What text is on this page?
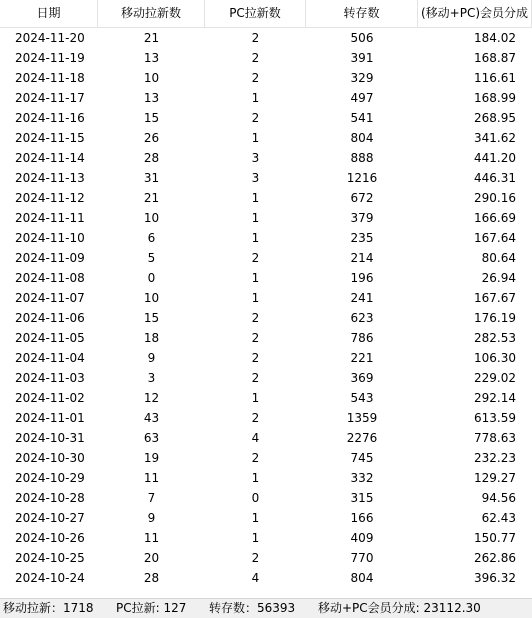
日期	移动拉新数	PC拉新数	转存数	(移动+PC)会员分成
2024-11-20	21	2	506	184.02
2024-11-19	13	2	391	168.87
2024-11-18	10	2	329	116.61
2024-11-17	13	1	497	168.99
2024-11-16	15	2	541	268.95
2024-11-15	26	1	804	341.62
2024-11-14	28	3	888	441.20
2024-11-13	31	3	1216	446.31
2024-11-12	21	1	672	290.16
2024-11-11	10	1	379	166.69
2024-11-10	6	1	235	167.64
2024-11-09	5	2	214	80.64
2024-11-08	0	1	196	26.94
2024-11-07	10	1	241	167.67
2024-11-06	15	2	623	176.19
2024-11-05	18	2	786	282.53
2024-11-04	9	2	221	106.30
2024-11-03	3	2	369	229.02
2024-11-02	12	1	543	292.14
2024-11-01	43	2	1359	613.59
2024-10-31	63	4	2276	778.63
2024-10-30	19	2	745	232.23
2024-10-29	11	1	332	129.27
2024-10-28	7	0	315	94.56
2024-10-27	9	1	166	62.43
2024-10-26	11	1	409	150.77
2024-10-25	20	2	770	262.86
2024-10-24	28	4	804	396.32
移动拉新：1718 PC拉新: 127 转存数：56393 移动+PC会员分成: 23112.30
